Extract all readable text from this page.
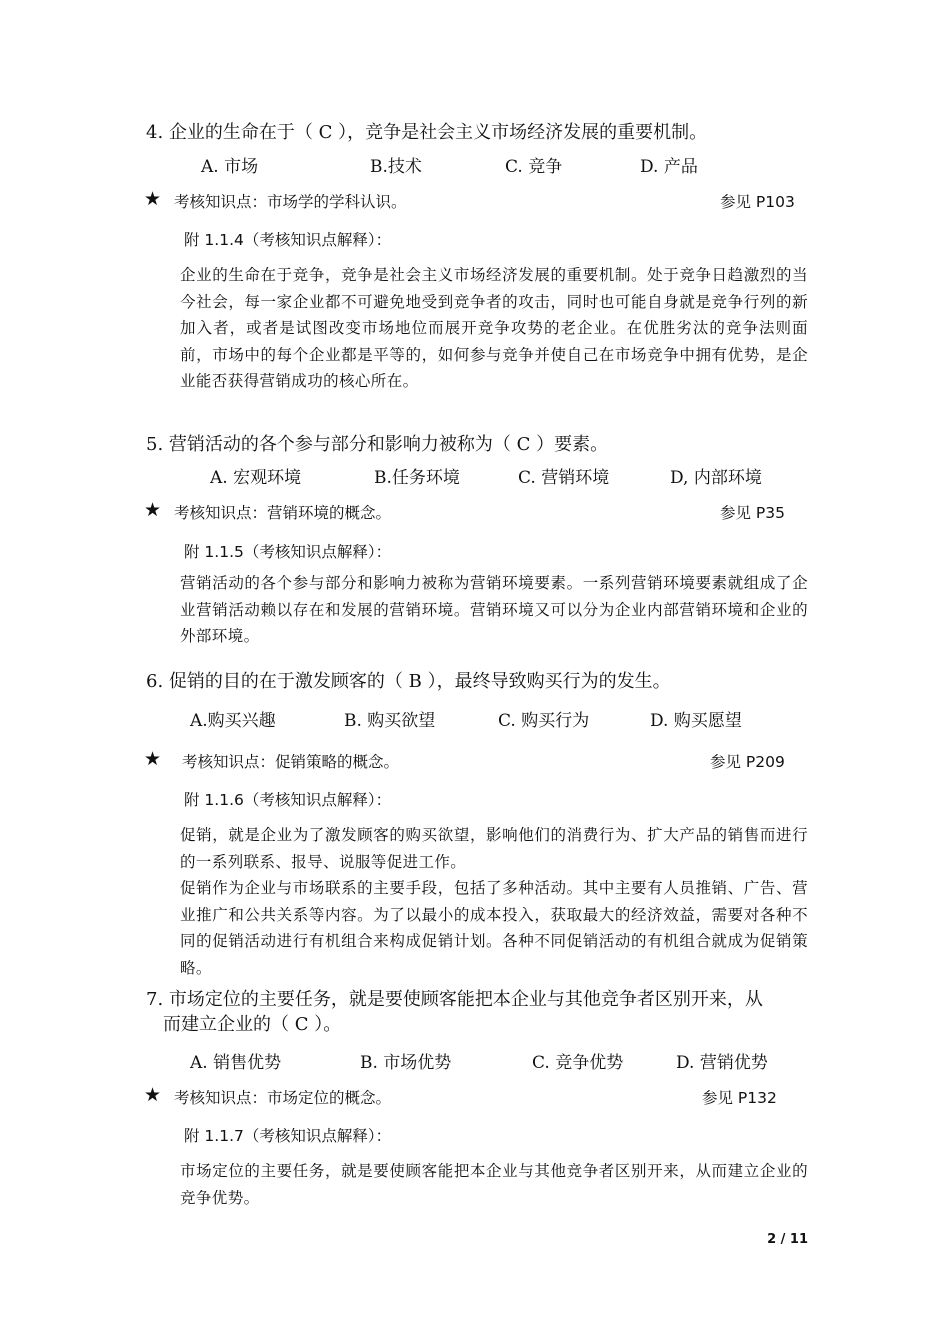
4. 企业的生命在于（ C ），竞争是社会主义市场经济发展的重要机制。
A. 市场	B.技术	C. 竞争	D. 产品
★ 考核知识点：市场学的学科认识。	参见 P103
附 1.1.4（考核知识点解释）：

企业的生命在于竞争，竞争是社会主义市场经济发展的重要机制。处于竞争日趋激烈的当今社会，每一家企业都不可避免地受到竞争者的攻击，同时也可能自身就是竞争行列的新加入者，或者是试图改变市场地位而展开竞争攻势的老企业。在优胜劣汰的竞争法则面前，市场中的每个企业都是平等的，如何参与竞争并使自己在市场竞争中拥有优势，是企业能否获得营销成功的核心所在。

5. 营销活动的各个参与部分和影响力被称为（ C ）要素。
A. 宏观环境	B.任务环境	C. 营销环境	D, 内部环境
★ 考核知识点：营销环境的概念。	参见 P35
附 1.1.5（考核知识点解释）：

营销活动的各个参与部分和影响力被称为营销环境要素。一系列营销环境要素就组成了企业营销活动赖以存在和发展的营销环境。营销环境又可以分为企业内部营销环境和企业的外部环境。

6. 促销的目的在于激发顾客的（ B ），最终导致购买行为的发生。
A.购买兴趣	B. 购买欲望	C. 购买行为	D. 购买愿望
★ 考核知识点：促销策略的概念。	参见 P209
附 1.1.6（考核知识点解释）：

促销，就是企业为了激发顾客的购买欲望，影响他们的消费行为、扩大产品的销售而进行的一系列联系、报导、说服等促进工作。

促销作为企业与市场联系的主要手段，包括了多种活动。其中主要有人员推销、广告、营业推广和公共关系等内容。为了以最小的成本投入，获取最大的经济效益，需要对各种不同的促销活动进行有机组合来构成促销计划。各种不同促销活动的有机组合就成为促销策略。

7. 市场定位的主要任务，就是要使顾客能把本企业与其他竞争者区别开来，从
而建立企业的（ C ）。
A. 销售优势	B. 市场优势	C. 竞争优势	D. 营销优势
★ 考核知识点：市场定位的概念。	参见 P132
附 1.1.7（考核知识点解释）：

市场定位的主要任务，就是要使顾客能把本企业与其他竞争者区别开来，从而建立企业的竞争优势。

2 / 11
